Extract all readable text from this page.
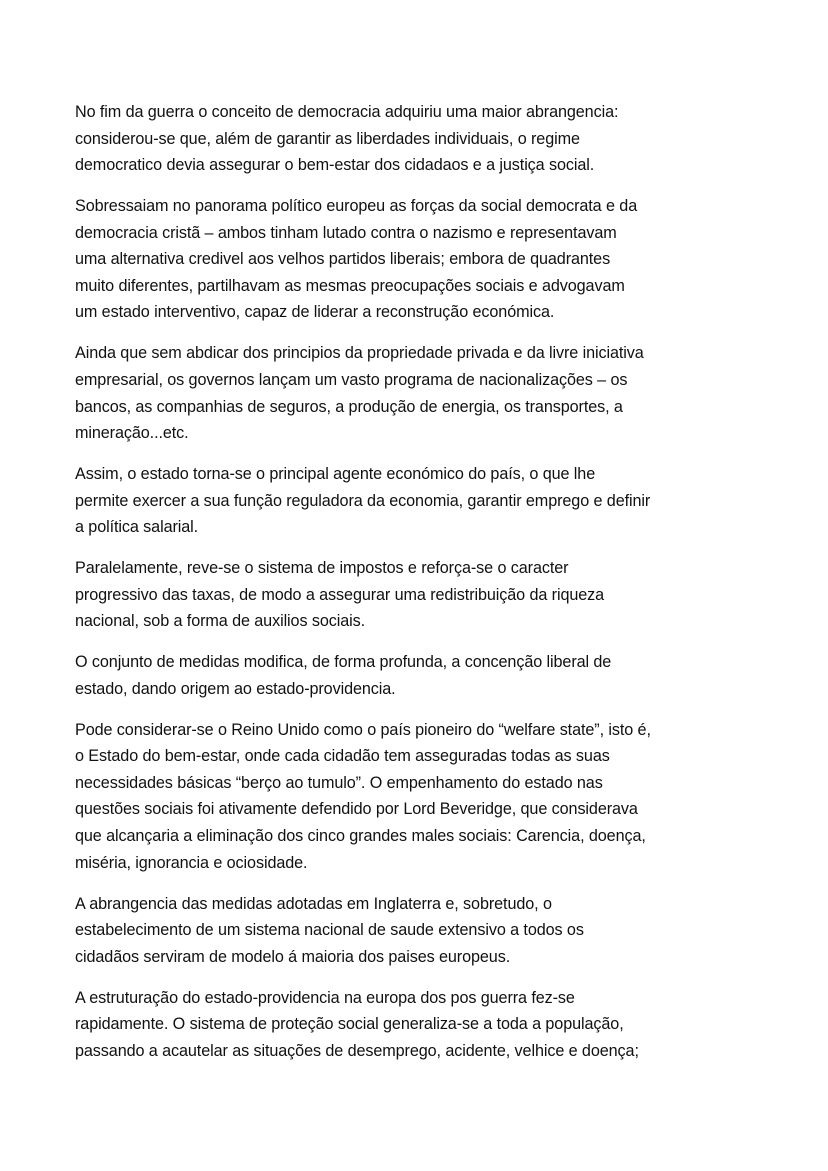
No fim da guerra o conceito de democracia adquiriu uma maior abrangencia:
considerou-se que, além de garantir as liberdades individuais, o regime
democratico devia assegurar o bem-estar dos cidadaos e a justiça social.

Sobressaiam no panorama político europeu as forças da social democrata e da
democracia cristã – ambos tinham lutado contra o nazismo e representavam
uma alternativa credivel aos velhos partidos liberais; embora de quadrantes
muito diferentes, partilhavam as mesmas preocupações sociais e advogavam
um estado interventivo, capaz de liderar a reconstrução económica.

Ainda que sem abdicar dos principios da propriedade privada e da livre iniciativa
empresarial, os governos lançam um vasto programa de nacionalizações – os
bancos, as companhias de seguros, a produção de energia, os transportes, a
mineração...etc.

Assim, o estado torna-se o principal agente económico do país, o que lhe
permite exercer a sua função reguladora da economia, garantir emprego e definir
a política salarial.

Paralelamente, reve-se o sistema de impostos e reforça-se o caracter
progressivo das taxas, de modo a assegurar uma redistribuição da riqueza
nacional, sob a forma de auxilios sociais.

O conjunto de medidas modifica, de forma profunda, a concenção liberal de
estado, dando origem ao estado-providencia.

Pode considerar-se o Reino Unido como o país pioneiro do “welfare state”, isto é,
o Estado do bem-estar, onde cada cidadão tem asseguradas todas as suas
necessidades básicas “berço ao tumulo”. O empenhamento do estado nas
questões sociais foi ativamente defendido por Lord Beveridge, que considerava
que alcançaria a eliminação dos cinco grandes males sociais: Carencia, doença,
miséria, ignorancia e ociosidade.

A abrangencia das medidas adotadas em Inglaterra e, sobretudo, o
estabelecimento de um sistema nacional de saude extensivo a todos os
cidadãos serviram de modelo á maioria dos paises europeus.

A estruturação do estado-providencia na europa dos pos guerra fez-se
rapidamente. O sistema de proteção social generaliza-se a toda a população,
passando a acautelar as situações de desemprego, acidente, velhice e doença;
